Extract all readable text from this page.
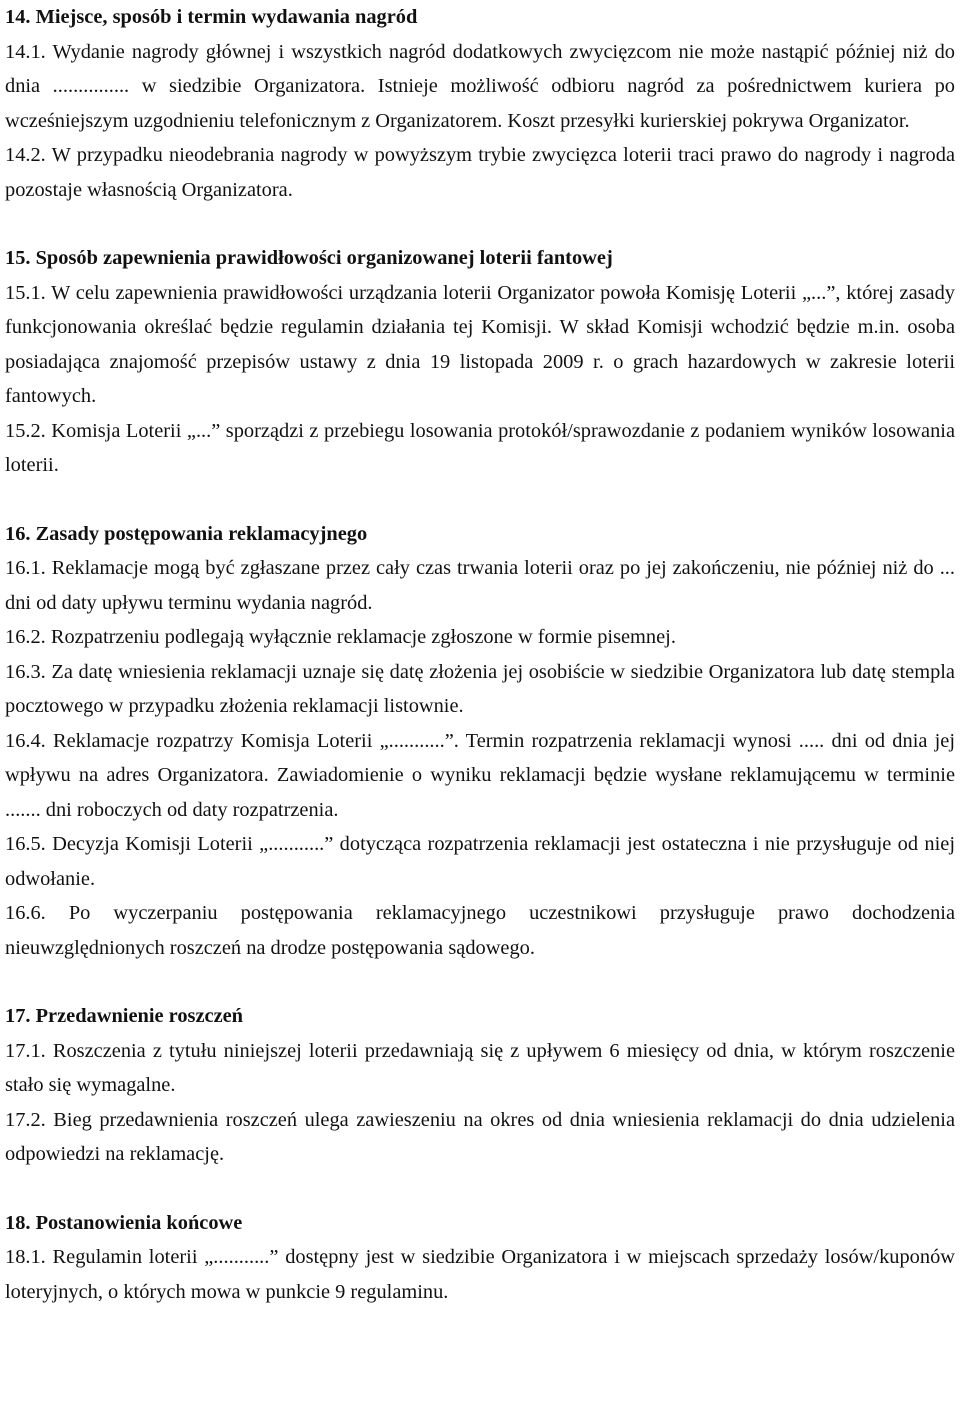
14. Miejsce, sposób i termin wydawania nagród

14.1. Wydanie nagrody głównej i wszystkich nagród dodatkowych zwycięzcom nie może nastąpić później niż do dnia ............... w siedzibie Organizatora. Istnieje możliwość odbioru nagród za pośrednictwem kuriera po wcześniejszym uzgodnieniu telefonicznym z Organizatorem. Koszt przesyłki kurierskiej pokrywa Organizator.

14.2. W przypadku nieodebrania nagrody w powyższym trybie zwycięzca loterii traci prawo do nagrody i nagroda pozostaje własnością Organizatora.

15. Sposób zapewnienia prawidłowości organizowanej loterii fantowej

15.1. W celu zapewnienia prawidłowości urządzania loterii Organizator powoła Komisję Loterii „...”, której zasady funkcjonowania określać będzie regulamin działania tej Komisji. W skład Komisji wchodzić będzie m.in. osoba posiadająca znajomość przepisów ustawy z dnia 19 listopada 2009 r. o grach hazardowych w zakresie loterii fantowych.

15.2. Komisja Loterii „...” sporządzi z przebiegu losowania protokół/sprawozdanie z podaniem wyników losowania loterii.

16. Zasady postępowania reklamacyjnego

16.1. Reklamacje mogą być zgłaszane przez cały czas trwania loterii oraz po jej zakończeniu, nie później niż do ... dni od daty upływu terminu wydania nagród.

16.2. Rozpatrzeniu podlegają wyłącznie reklamacje zgłoszone w formie pisemnej.

16.3. Za datę wniesienia reklamacji uznaje się datę złożenia jej osobiście w siedzibie Organizatora lub datę stempla pocztowego w przypadku złożenia reklamacji listownie.

16.4. Reklamacje rozpatrzy Komisja Loterii „...........”. Termin rozpatrzenia reklamacji wynosi ..... dni od dnia jej wpływu na adres Organizatora. Zawiadomienie o wyniku reklamacji będzie wysłane reklamującemu w terminie ....... dni roboczych od daty rozpatrzenia.

16.5. Decyzja Komisji Loterii „...........” dotycząca rozpatrzenia reklamacji jest ostateczna i nie przysługuje od niej odwołanie.

16.6. Po wyczerpaniu postępowania reklamacyjnego uczestnikowi przysługuje prawo dochodzenia nieuwzględnionych roszczeń na drodze postępowania sądowego.

17. Przedawnienie roszczeń

17.1. Roszczenia z tytułu niniejszej loterii przedawniają się z upływem 6 miesięcy od dnia, w którym roszczenie stało się wymagalne.

17.2. Bieg przedawnienia roszczeń ulega zawieszeniu na okres od dnia wniesienia reklamacji do dnia udzielenia odpowiedzi na reklamację.

18. Postanowienia końcowe

18.1. Regulamin loterii „...........” dostępny jest w siedzibie Organizatora i w miejscach sprzedaży losów/kuponów loteryjnych, o których mowa w punkcie 9 regulaminu.
